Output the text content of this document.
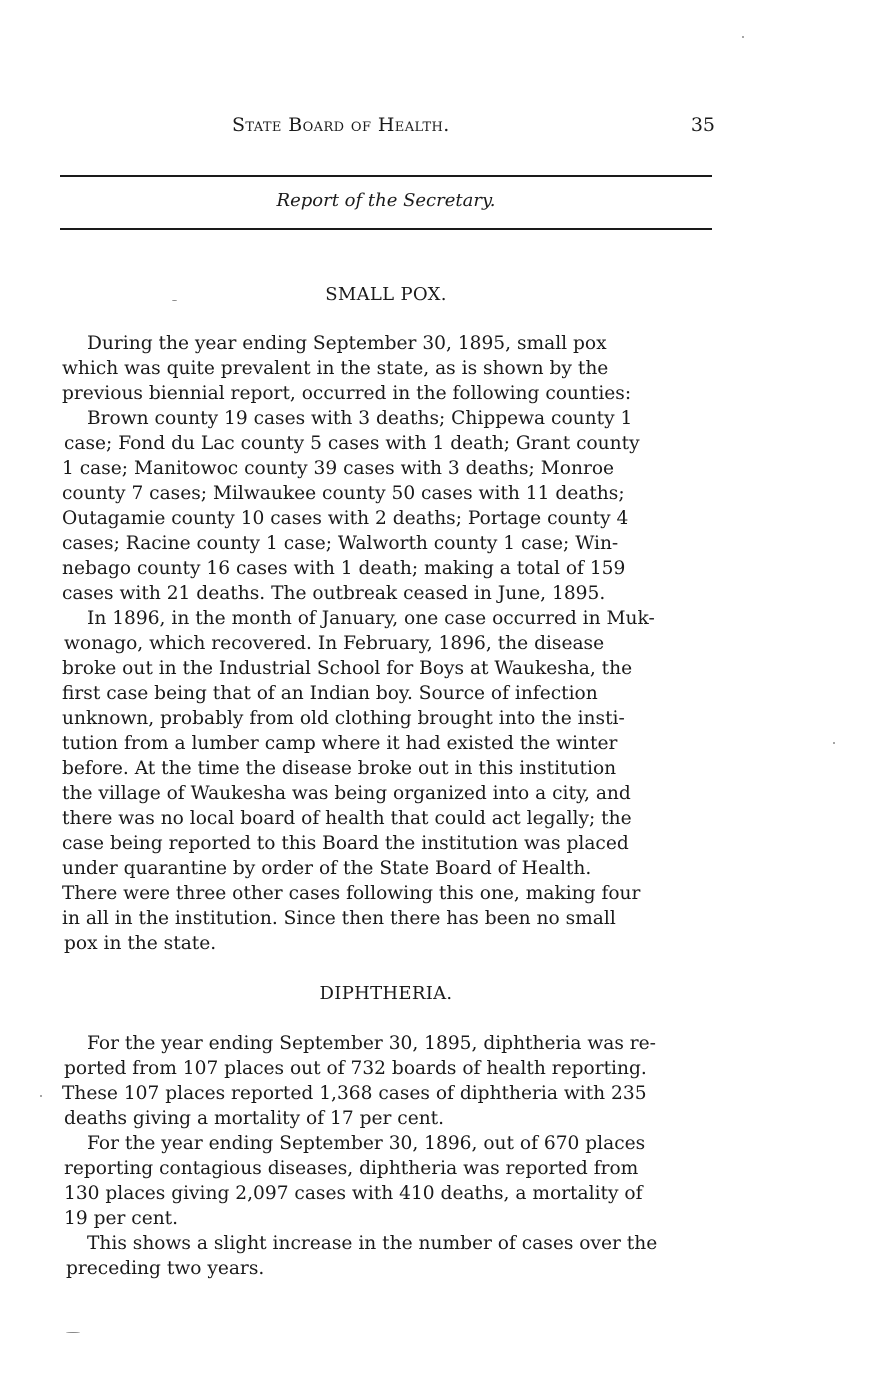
State Board of Health.	35
Report of the Secretary.
SMALL POX.
During the year ending September 30, 1895, small pox
which was quite prevalent in the state, as is shown by the
previous biennial report, occurred in the following counties:
Brown county 19 cases with 3 deaths; Chippewa county 1
case; Fond du Lac county 5 cases with 1 death; Grant county
1 case; Manitowoc county 39 cases with 3 deaths; Monroe
county 7 cases; Milwaukee county 50 cases with 11 deaths;
Outagamie county 10 cases with 2 deaths; Portage county 4
cases; Racine county 1 case; Walworth county 1 case; Win-
nebago county 16 cases with 1 death; making a total of 159
cases with 21 deaths. The outbreak ceased in June, 1895.
In 1896, in the month of January, one case occurred in Muk-
wonago, which recovered. In February, 1896, the disease
broke out in the Industrial School for Boys at Waukesha, the
first case being that of an Indian boy. Source of infection
unknown, probably from old clothing brought into the insti-
tution from a lumber camp where it had existed the winter
before. At the time the disease broke out in this institution
the village of Waukesha was being organized into a city, and
there was no local board of health that could act legally; the
case being reported to this Board the institution was placed
under quarantine by order of the State Board of Health.
There were three other cases following this one, making four
in all in the institution. Since then there has been no small
pox in the state.
DIPHTHERIA.
For the year ending September 30, 1895, diphtheria was re-
ported from 107 places out of 732 boards of health reporting.
These 107 places reported 1,368 cases of diphtheria with 235
deaths giving a mortality of 17 per cent.
For the year ending September 30, 1896, out of 670 places
reporting contagious diseases, diphtheria was reported from
130 places giving 2,097 cases with 410 deaths, a mortality of
19 per cent.
This shows a slight increase in the number of cases over the
preceding two years.
